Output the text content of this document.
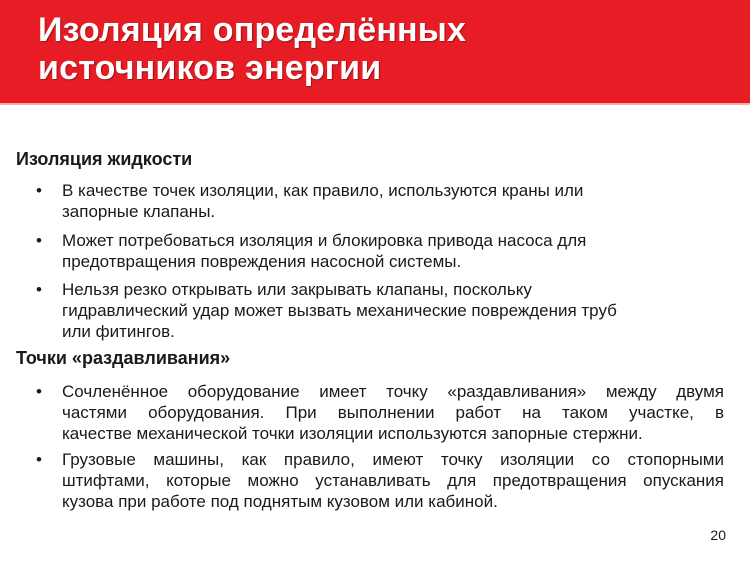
Изоляция определённых
источников энергии
Изоляция жидкости
• В качестве точек изоляции, как правило, используются краны или
запорные клапаны.
• Может потребоваться изоляция и блокировка привода насоса для
предотвращения повреждения насосной системы.
• Нельзя резко открывать или закрывать клапаны, поскольку
гидравлический удар может вызвать механические повреждения труб
или фитингов.
Точки «раздавливания»
• Сочленённое оборудование имеет точку «раздавливания» между двумя
частями оборудования. При выполнении работ на таком участке, в
качестве механической точки изоляции используются запорные стержни.
• Грузовые машины, как правило, имеют точку изоляции со стопорными
штифтами, которые можно устанавливать для предотвращения опускания
кузова при работе под поднятым кузовом или кабиной.
20
